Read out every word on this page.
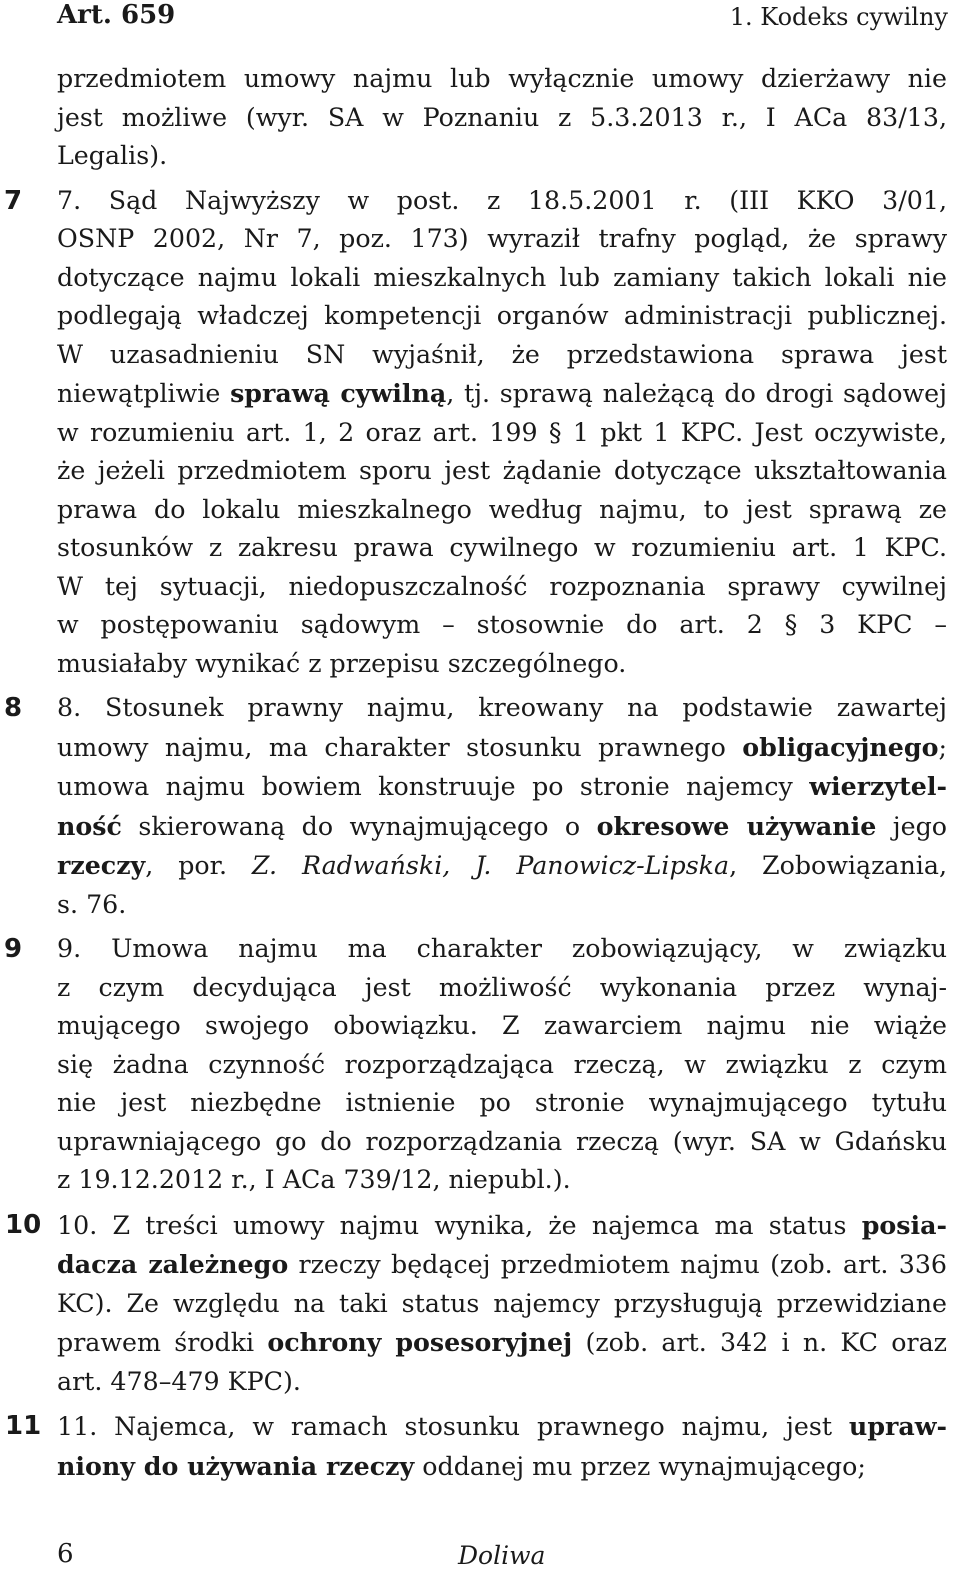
Art. 659	1. Kodeks cywilny
przedmiotem umowy najmu lub wyłącznie umowy dzierżawy nie
jest możliwe (wyr. SA w Poznaniu z 5.3.2013 r., I ACa 83/13,
Legalis).
7	7. Sąd Najwyższy w post. z 18.5.2001 r. (III KKO 3/01,
OSNP 2002, Nr 7, poz. 173) wyraził trafny pogląd, że sprawy
dotyczące najmu lokali mieszkalnych lub zamiany takich lokali nie
podlegają władczej kompetencji organów administracji publicznej.
W uzasadnieniu SN wyjaśnił, że przedstawiona sprawa jest
niewątpliwie sprawą cywilną, tj. sprawą należącą do drogi sądowej
w rozumieniu art. 1, 2 oraz art. 199 § 1 pkt 1 KPC. Jest oczywiste,
że jeżeli przedmiotem sporu jest żądanie dotyczące ukształtowania
prawa do lokalu mieszkalnego według najmu, to jest sprawą ze
stosunków z zakresu prawa cywilnego w rozumieniu art. 1 KPC.
W tej sytuacji, niedopuszczalność rozpoznania sprawy cywilnej
w postępowaniu sądowym – stosownie do art. 2 § 3 KPC –
musiałaby wynikać z przepisu szczególnego.
8	8. Stosunek prawny najmu, kreowany na podstawie zawartej
umowy najmu, ma charakter stosunku prawnego obligacyjnego;
umowa najmu bowiem konstruuje po stronie najemcy wierzytel-
ność skierowaną do wynajmującego o okresowe używanie jego
rzeczy, por. Z. Radwański, J. Panowicz-Lipska, Zobowiązania,
s. 76.
9	9. Umowa najmu ma charakter zobowiązujący, w związku
z czym decydująca jest możliwość wykonania przez wynaj-
mującego swojego obowiązku. Z zawarciem najmu nie wiąże
się żadna czynność rozporządzająca rzeczą, w związku z czym
nie jest niezbędne istnienie po stronie wynajmującego tytułu
uprawniającego go do rozporządzania rzeczą (wyr. SA w Gdańsku
z 19.12.2012 r., I ACa 739/12, niepubl.).
10 10. Z treści umowy najmu wynika, że najemca ma status posia-
dacza zależnego rzeczy będącej przedmiotem najmu (zob. art. 336
KC). Ze względu na taki status najemcy przysługują przewidziane
prawem środki ochrony posesoryjnej (zob. art. 342 i n. KC oraz
art. 478–479 KPC).
11 11. Najemca, w ramach stosunku prawnego najmu, jest upraw-
niony do używania rzeczy oddanej mu przez wynajmującego;
6	Doliwa
